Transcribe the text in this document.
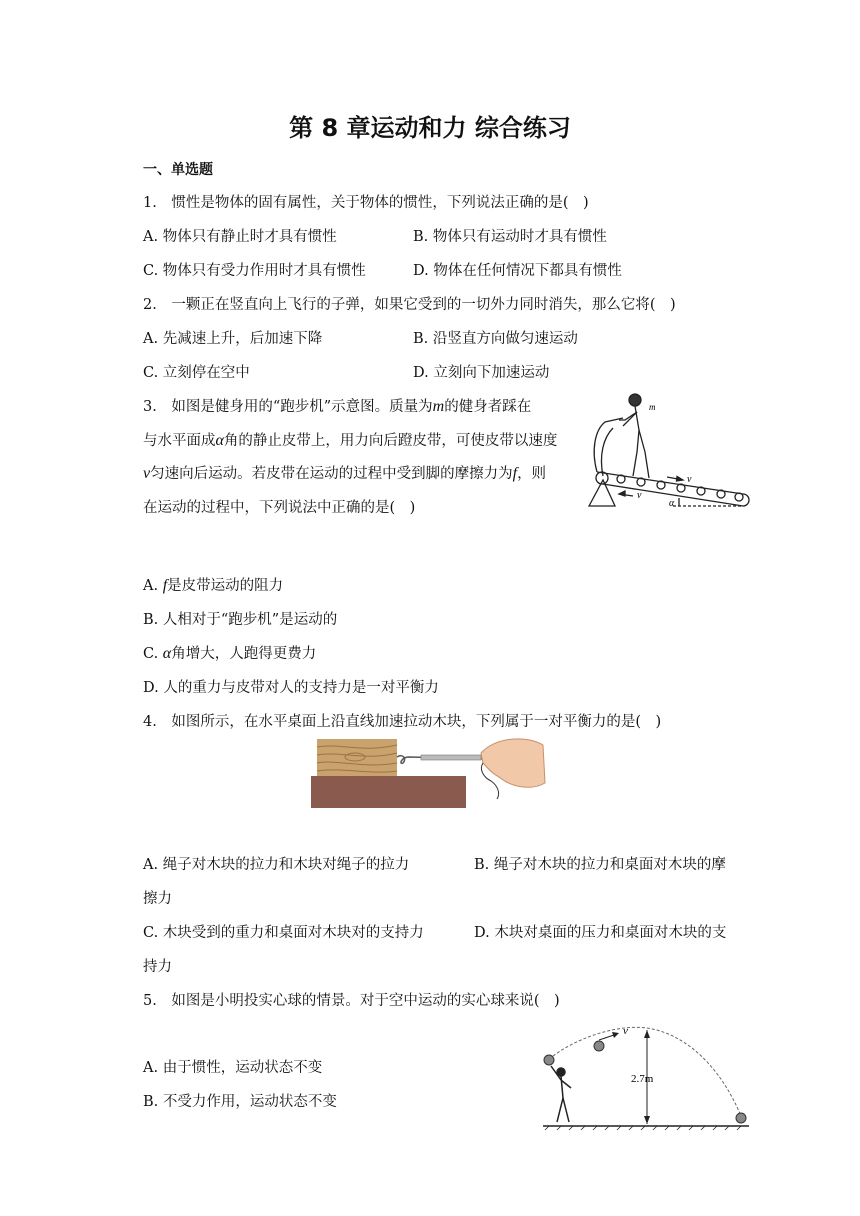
第 8 章运动和力 综合练习
一、单选题
1.　惯性是物体的固有属性，关于物体的惯性，下列说法正确的是(　)
A. 物体只有静止时才具有惯性	B. 物体只有运动时才具有惯性
C. 物体只有受力作用时才具有惯性	D. 物体在任何情况下都具有惯性
2.　一颗正在竖直向上飞行的子弹，如果它受到的一切外力同时消失，那么它将(　)
A. 先减速上升，后加速下降	B. 沿竖直方向做匀速运动
C. 立刻停在空中	D. 立刻向下加速运动
3.　如图是健身用的“跑步机”示意图。质量为m的健身者踩在
与水平面成α角的静止皮带上，用力向后蹬皮带，可使皮带以速度
v匀速向后运动。若皮带在运动的过程中受到脚的摩擦力为f，则
在运动的过程中，下列说法中正确的是(　)
m
v
v
α
A. f是皮带运动的阻力
B. 人相对于“跑步机”是运动的
C. α角增大，人跑得更费力
D. 人的重力与皮带对人的支持力是一对平衡力
4.　如图所示，在水平桌面上沿直线加速拉动木块，下列属于一对平衡力的是(　)
A. 绳子对木块的拉力和木块对绳子的拉力	B. 绳子对木块的拉力和桌面对木块的摩
擦力
C. 木块受到的重力和桌面对木块对的支持力	D. 木块对桌面的压力和桌面对木块的支
持力
5.　如图是小明投实心球的情景。对于空中运动的实心球来说(　)
A. 由于惯性，运动状态不变
B. 不受力作用，运动状态不变
v
2.7m
